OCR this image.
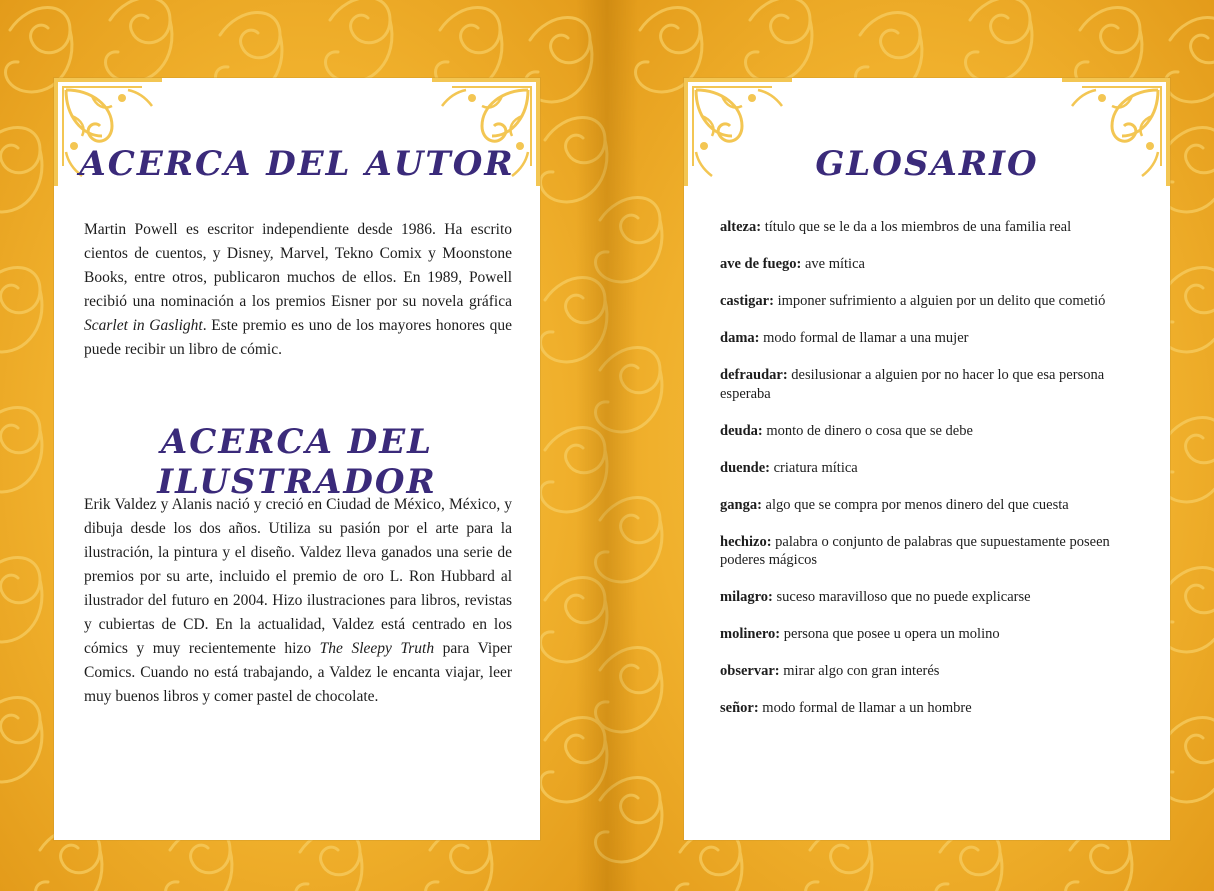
ACERCA DEL AUTOR
Martin Powell es escritor independiente desde 1986. Ha escrito cientos de cuentos, y Disney, Marvel, Tekno Comix y Moonstone Books, entre otros, publicaron muchos de ellos. En 1989, Powell recibió una nominación a los premios Eisner por su novela gráfica Scarlet in Gaslight. Este premio es uno de los mayores honores que puede recibir un libro de cómic.
ACERCA DEL ILUSTRADOR
Erik Valdez y Alanis nació y creció en Ciudad de México, México, y dibuja desde los dos años. Utiliza su pasión por el arte para la ilustración, la pintura y el diseño. Valdez lleva ganados una serie de premios por su arte, incluido el premio de oro L. Ron Hubbard al ilustrador del futuro en 2004. Hizo ilustraciones para libros, revistas y cubiertas de CD. En la actualidad, Valdez está centrado en los cómics y muy recientemente hizo The Sleepy Truth para Viper Comics. Cuando no está trabajando, a Valdez le encanta viajar, leer muy buenos libros y comer pastel de chocolate.
GLOSARIO
alteza: título que se le da a los miembros de una familia real
ave de fuego: ave mítica
castigar: imponer sufrimiento a alguien por un delito que cometió
dama: modo formal de llamar a una mujer
defraudar: desilusionar a alguien por no hacer lo que esa persona esperaba
deuda: monto de dinero o cosa que se debe
duende: criatura mítica
ganga: algo que se compra por menos dinero del que cuesta
hechizo: palabra o conjunto de palabras que supuestamente poseen poderes mágicos
milagro: suceso maravilloso que no puede explicarse
molinero: persona que posee u opera un molino
observar: mirar algo con gran interés
señor: modo formal de llamar a un hombre
